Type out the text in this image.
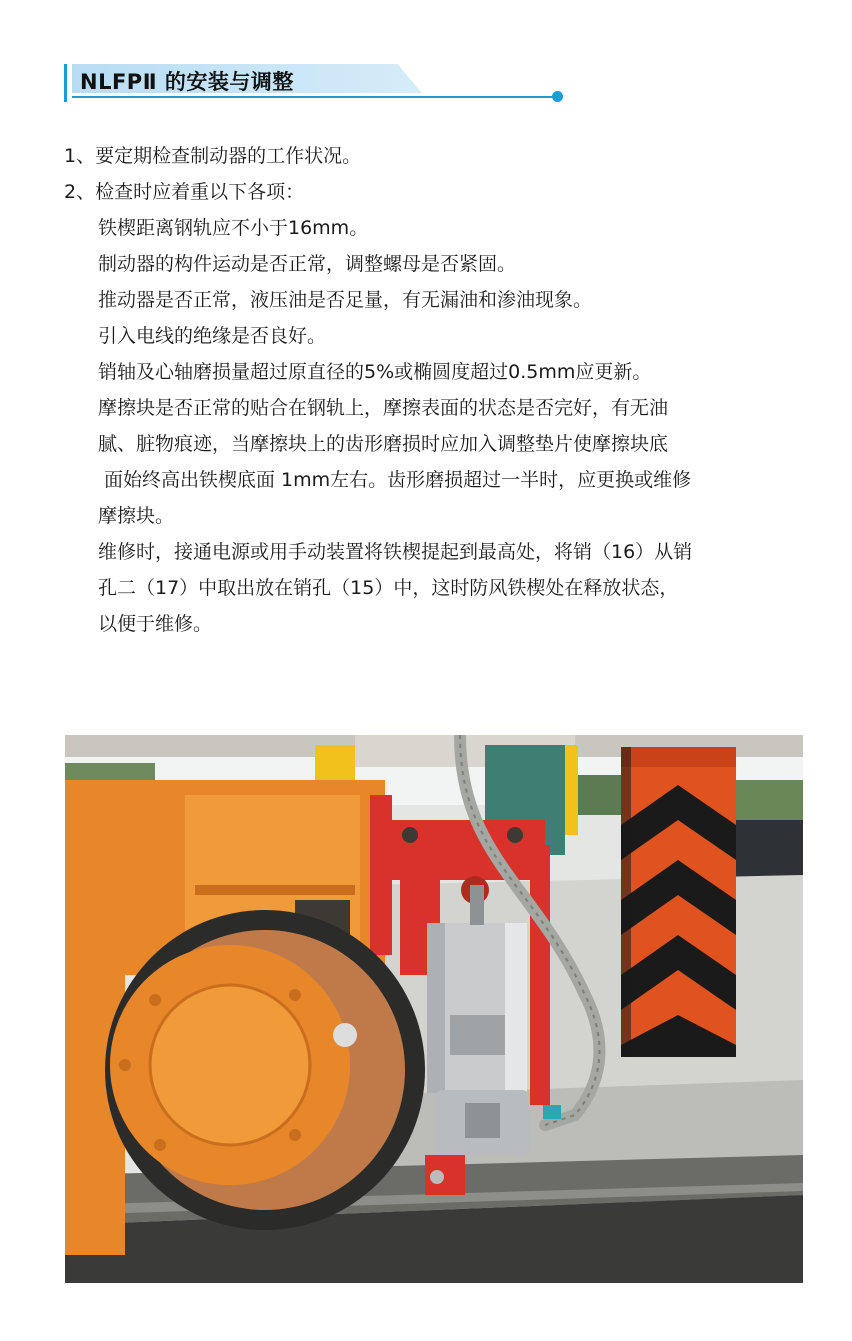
NLFPⅡ 的安装与调整

1、要定期检查制动器的工作状况。

2、检查时应着重以下各项：

铁楔距离钢轨应不小于16mm。

制动器的构件运动是否正常，调整螺母是否紧固。

推动器是否正常，液压油是否足量，有无漏油和渗油现象。

引入电线的绝缘是否良好。

销轴及心轴磨损量超过原直径的5%或椭圆度超过0.5mm应更新。

摩擦块是否正常的贴合在钢轨上，摩擦表面的状态是否完好，有无油

腻、脏物痕迹，当摩擦块上的齿形磨损时应加入调整垫片使摩擦块底

面始终高出铁楔底面 1mm左右。齿形磨损超过一半时，应更换或维修

摩擦块。

维修时，接通电源或用手动装置将铁楔提起到最高处，将销（16）从销

孔二（17）中取出放在销孔（15）中，这时防风铁楔处在释放状态，

以便于维修。
